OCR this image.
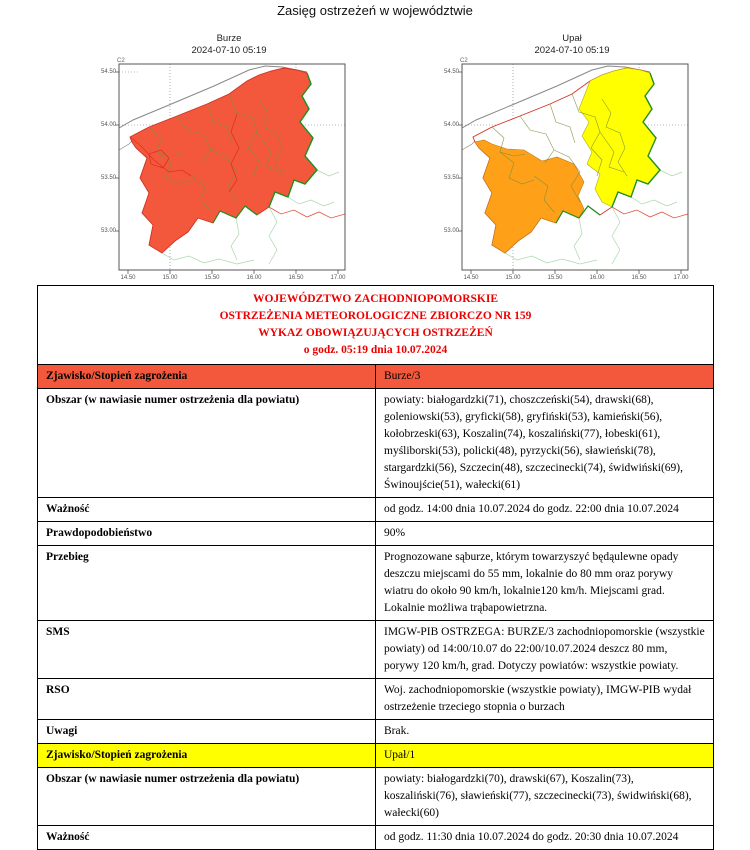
Zasięg ostrzeżeń w województwie
Burze
2024-07-10 05:19
Upał
2024-07-10 05:19
C2
14.50	15.00	15.50	16.00	16.50	17.00
54.50
54.00
53.50
53.00
C2
14.50	15.00	15.50	16.00	16.50	17.00
54.50
54.00
53.50
53.00
WOJEWÓDZTWO ZACHODNIOPOMORSKIE
OSTRZEŻENIA METEOROLOGICZNE ZBIORCZO NR 159
WYKAZ OBOWIĄZUJĄCYCH OSTRZEŻEŃ
o godz. 05:19 dnia 10.07.2024	

Zjawisko/Stopień zagrożenia	Burze/3
Obszar (w nawiasie numer ostrzeżenia dla powiatu)	powiaty: białogardzki(71), choszczeński(54), drawski(68), goleniowski(53), gryficki(58), gryfiński(53), kamieński(56), kołobrzeski(63), Koszalin(74), koszaliński(77), łobeski(61), myśliborski(53), policki(48), pyrzycki(56), sławieński(78), stargardzki(56), Szczecin(48), szczecinecki(74), świdwiński(69), Świnoujście(51), wałecki(61)
Ważność	od godz. 14:00 dnia 10.07.2024 do godz. 22:00 dnia 10.07.2024
Prawdopodobieństwo	90%
Przebieg	Prognozowane sąburze, którym towarzyszyć będąulewne opady deszczu miejscami do 55 mm, lokalnie do 80 mm oraz porywy wiatru do około 90 km/h, lokalnie120 km/h. Miejscami grad. Lokalnie możliwa trąbapowietrzna.
SMS	IMGW-PIB OSTRZEGA: BURZE/3 zachodniopomorskie (wszystkie powiaty) od 14:00/10.07 do 22:00/10.07.2024 deszcz 80 mm, porywy 120 km/h, grad. Dotyczy powiatów: wszystkie powiaty.
RSO	Woj. zachodniopomorskie (wszystkie powiaty), IMGW-PIB wydał ostrzeżenie trzeciego stopnia o burzach
Uwagi	Brak.
Zjawisko/Stopień zagrożenia	Upał/1
Obszar (w nawiasie numer ostrzeżenia dla powiatu)	powiaty: białogardzki(70), drawski(67), Koszalin(73), koszaliński(76), sławieński(77), szczecinecki(73), świdwiński(68), wałecki(60)
Ważność	od godz. 11:30 dnia 10.07.2024 do godz. 20:30 dnia 10.07.2024
